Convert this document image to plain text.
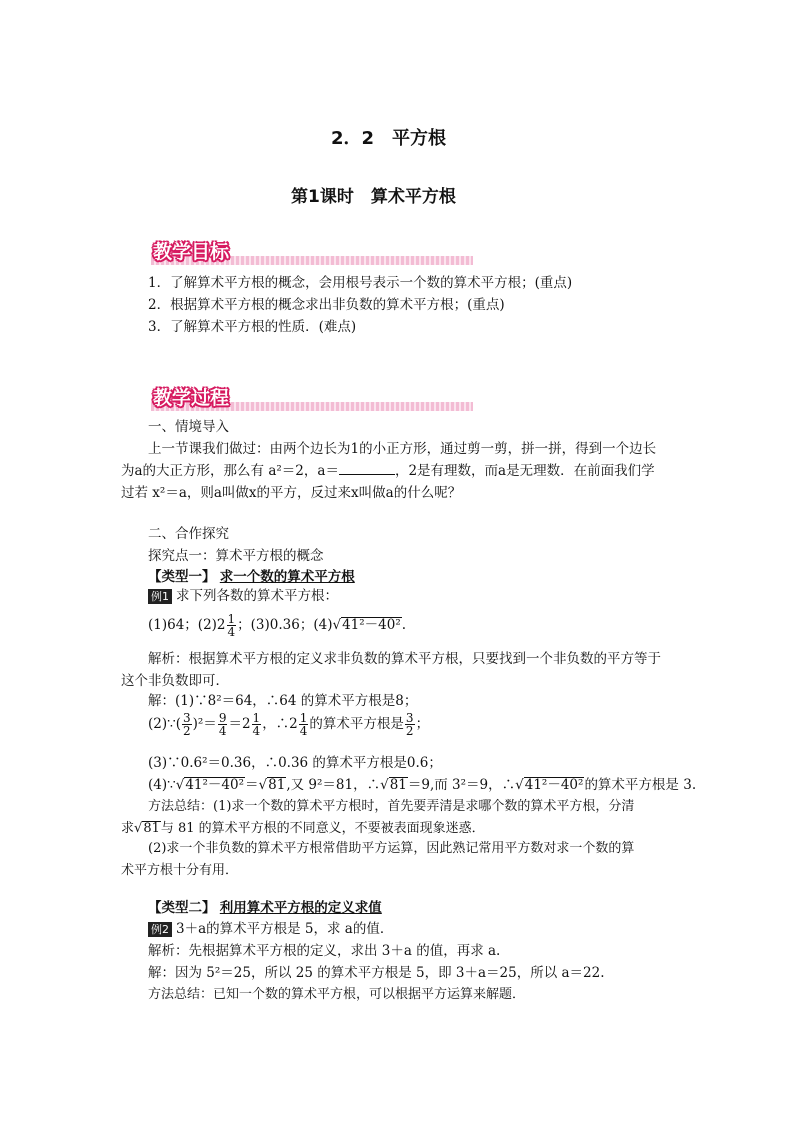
2．2　平方根
第1课时　算术平方根
教学目标
1．了解算术平方根的概念，会用根号表示一个数的算术平方根；(重点)
2．根据算术平方根的概念求出非负数的算术平方根；(重点)
3．了解算术平方根的性质．(难点)
教学过程
一、情境导入
上一节课我们做过：由两个边长为1的小正方形，通过剪一剪，拼一拼，得到一个边长
为a的大正方形，那么有 a²＝2，a＝	，2是有理数，而a是无理数．在前面我们学
过若 x²＝a，则a叫做x的平方，反过来x叫做a的什么呢？
二、合作探究
探究点一：算术平方根的概念
【类型一】 求一个数的算术平方根
例1 求下列各数的算术平方根：
(1)64；$(2)2 \frac{1}{4}$ ；(3)0.36；(4)√41²－40².
解析：根据算术平方根的定义求非负数的算术平方根，只要找到一个非负数的平方等于
这个非负数即可．
解：(1)∵8²＝64，∴64 的算术平方根是8；
(2)∵( $\frac{3}{2} )^2= \frac{9}{4} =2 \frac{1}{4}$ ，∴2 $\frac{1}{4}$ 的算术平方根是 $\frac{3}{2}$ ；
(3)∵0.6²＝0.36，∴0.36 的算术平方根是0.6；
(4)∵√41²－40²＝√81,又 9²＝81，∴√81＝9,而 3²＝9，∴√41²－40²的算术平方根是 3.
方法总结：(1)求一个数的算术平方根时，首先要弄清是求哪个数的算术平方根，分清
求√81与 81 的算术平方根的不同意义，不要被表面现象迷惑．
(2)求一个非负数的算术平方根常借助平方运算，因此熟记常用平方数对求一个数的算
术平方根十分有用．
【类型二】 利用算术平方根的定义求值
例2 3＋a的算术平方根是 5，求 a的值．
解析：先根据算术平方根的定义，求出 3＋a 的值，再求 a.
解：因为 5²＝25，所以 25 的算术平方根是 5，即 3＋a＝25，所以 a＝22.
方法总结：已知一个数的算术平方根，可以根据平方运算来解题．
